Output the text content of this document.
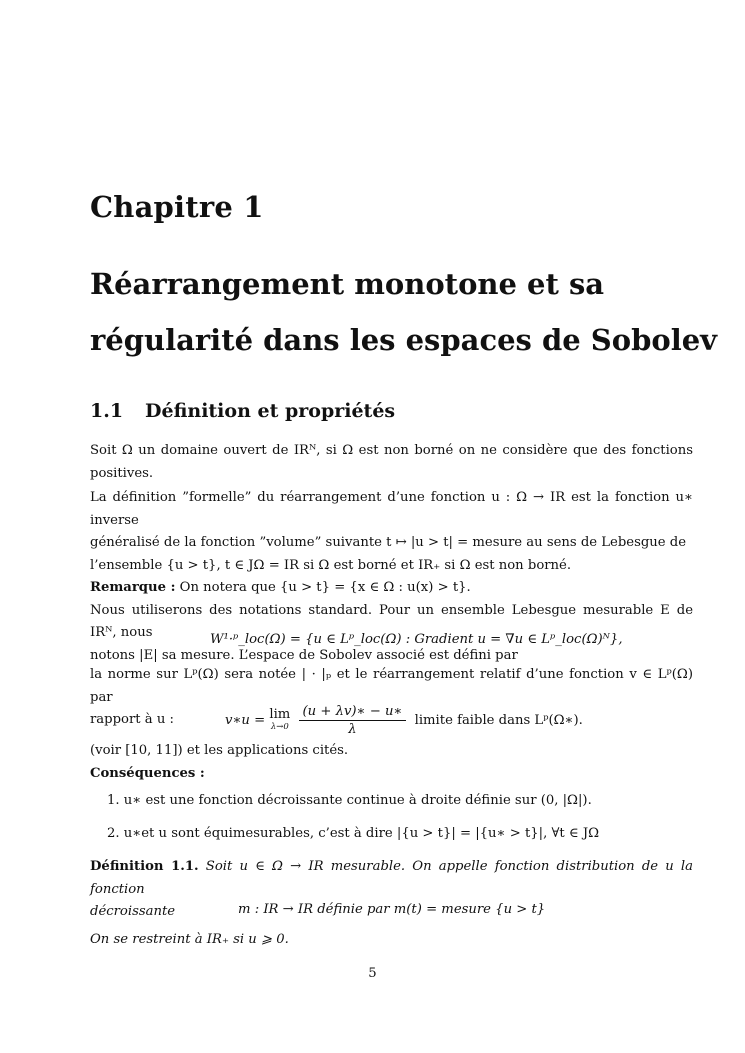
Chapitre 1
Réarrangement monotone et sa
régularité dans les espaces de Sobolev
1.1 Définition et propriétés
Soit Ω un domaine ouvert de IRᴺ, si Ω est non borné on ne considère que des fonctions positives.
La définition ”formelle” du réarrangement d’une fonction u : Ω → IR est la fonction u∗ inverse
généralisé de la fonction ”volume” suivante t ↦ |u > t| = mesure au sens de Lebesgue de
l’ensemble {u > t}, t ∈ JΩ = IR si Ω est borné et IR₊ si Ω est non borné.
Remarque : On notera que {u > t} = {x ∈ Ω : u(x) > t}.
Nous utiliserons des notations standard. Pour un ensemble Lebesgue mesurable E de IRᴺ, nous
notons |E| sa mesure. L’espace de Sobolev associé est défini par
W¹·ᵖ_loc(Ω) = {u ∈ Lᵖ_loc(Ω) : Gradient u = ∇u ∈ Lᵖ_loc(Ω)ᴺ},
la norme sur Lᵖ(Ω) sera notée | · |ₚ et le réarrangement relatif d’une fonction v ∈ Lᵖ(Ω) par
rapport à u :	v∗u = lim
λ→0
$\frac{(u + \lambda v)∗ - u∗}{\lambda}$ limite faible dans Lᵖ(Ω∗).
(voir [10, 11]) et les applications cités.
Conséquences :
1. u∗ est une fonction décroissante continue à droite définie sur (0, |Ω|).
2. u∗et u sont équimesurables, c’est à dire |{u > t}| = |{u∗ > t}|, ∀t ∈ JΩ
Définition 1.1. Soit u ∈ Ω → IR mesurable. On appelle fonction distribution de u la fonction
décroissante	m : IR → IR définie par m(t) = mesure {u > t}
On se restreint à IR₊ si u ⩾ 0.
5
